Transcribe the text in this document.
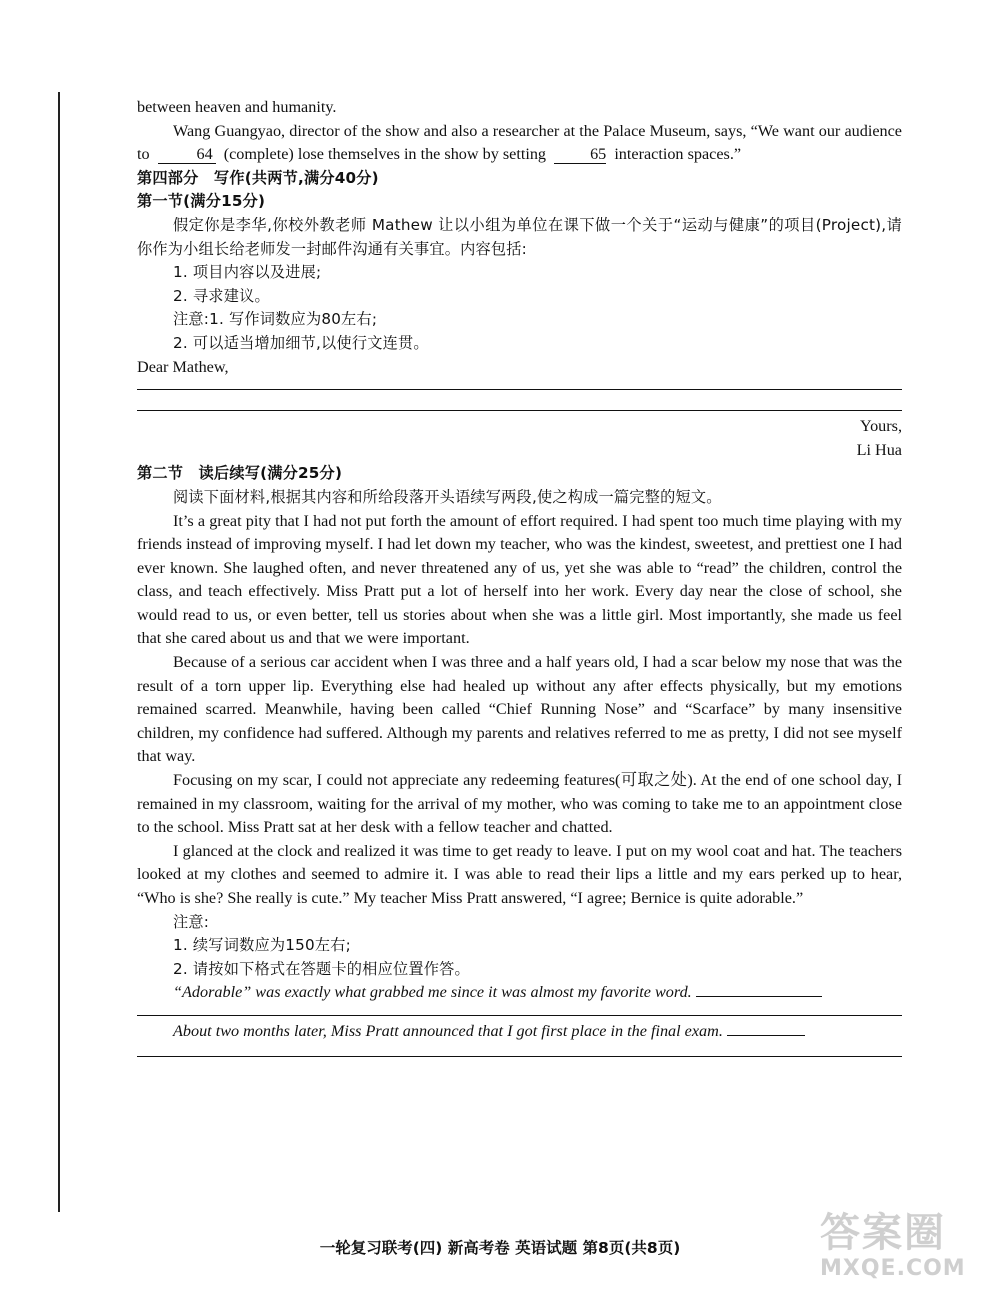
between heaven and humanity.

Wang Guangyao, director of the show and also a researcher at the Palace Museum, says, “We want our audience to	64 (complete) lose themselves in the show by setting	65 interaction spaces.”

第四部分　写作(共两节,满分40分)

第一节(满分15分)

假定你是李华,你校外教老师 Mathew 让以小组为单位在课下做一个关于“运动与健康”的项目(Project),请你作为小组长给老师发一封邮件沟通有关事宜。内容包括:

1. 项目内容以及进展;

2. 寻求建议。

注意:1. 写作词数应为80左右;

2. 可以适当增加细节,以使行文连贯。

Dear Mathew,

Yours,

Li Hua

第二节　读后续写(满分25分)

阅读下面材料,根据其内容和所给段落开头语续写两段,使之构成一篇完整的短文。

It’s a great pity that I had not put forth the amount of effort required. I had spent too much time playing with my friends instead of improving myself. I had let down my teacher, who was the kindest, sweetest, and prettiest one I had ever known. She laughed often, and never threatened any of us, yet she was able to “read” the children, control the class, and teach effectively. Miss Pratt put a lot of herself into her work. Every day near the close of school, she would read to us, or even better, tell us stories about when she was a little girl. Most importantly, she made us feel that she cared about us and that we were important.

Because of a serious car accident when I was three and a half years old, I had a scar below my nose that was the result of a torn upper lip. Everything else had healed up without any after effects physically, but my emotions remained scarred. Meanwhile, having been called “Chief Running Nose” and “Scarface” by many insensitive children, my confidence had suffered. Although my parents and relatives referred to me as pretty, I did not see myself that way.

Focusing on my scar, I could not appreciate any redeeming features(可取之处). At the end of one school day, I remained in my classroom, waiting for the arrival of my mother, who was coming to take me to an appointment close to the school. Miss Pratt sat at her desk with a fellow teacher and chatted.

I glanced at the clock and realized it was time to get ready to leave. I put on my wool coat and hat. The teachers looked at my clothes and seemed to admire it. I was able to read their lips a little and my ears perked up to hear, “Who is she? She really is cute.” My teacher Miss Pratt answered, “I agree; Bernice is quite adorable.”

注意:

1. 续写词数应为150左右;

2. 请按如下格式在答题卡的相应位置作答。

“Adorable” was exactly what grabbed me since it was almost my favorite word.

About two months later, Miss Pratt announced that I got first place in the final exam.

一轮复习联考(四) 新高考卷 英语试题 第8页(共8页)	答案圈
MXQE.COM
